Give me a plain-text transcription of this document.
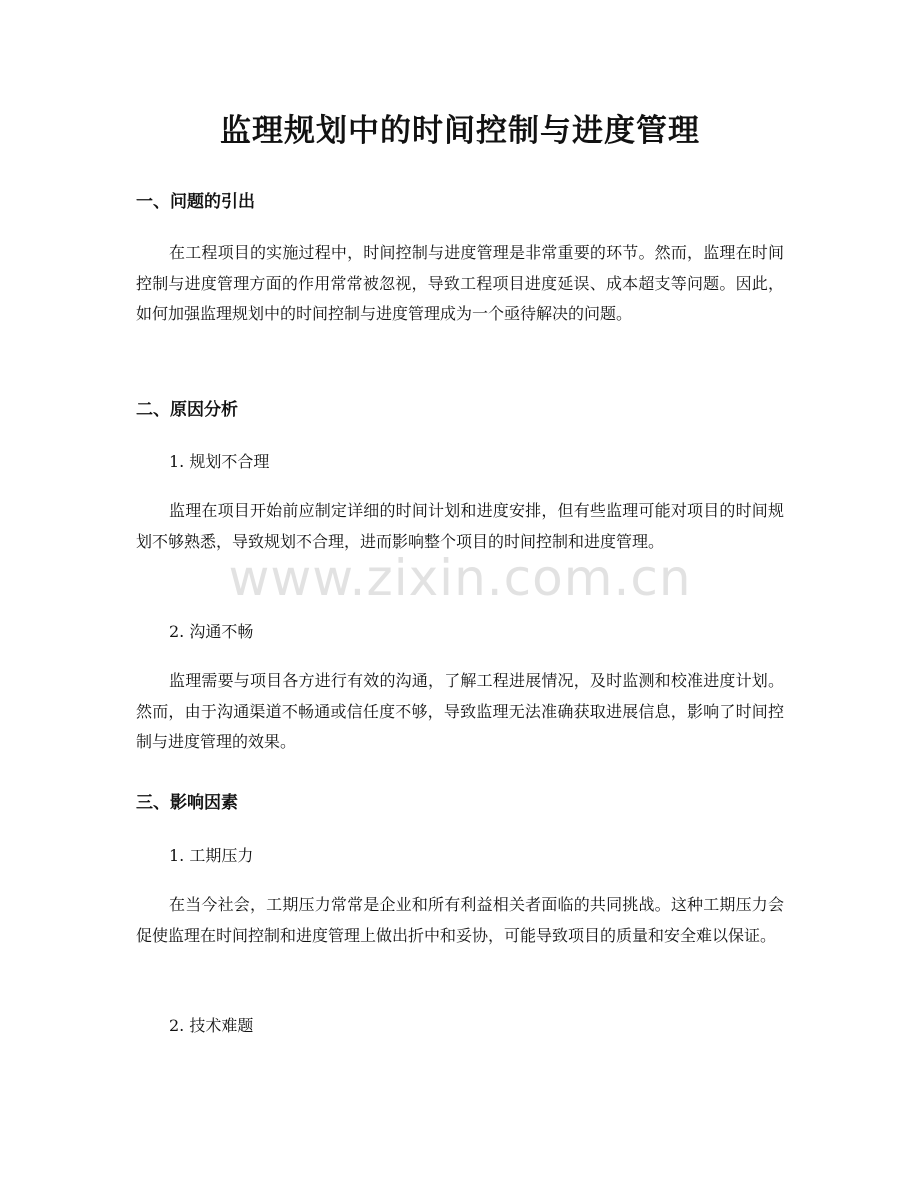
监理规划中的时间控制与进度管理
一、问题的引出
在工程项目的实施过程中，时间控制与进度管理是非常重要的环节。然而，监理在时间控制与进度管理方面的作用常常被忽视，导致工程项目进度延误、成本超支等问题。因此，如何加强监理规划中的时间控制与进度管理成为一个亟待解决的问题。
二、原因分析
1. 规划不合理
监理在项目开始前应制定详细的时间计划和进度安排，但有些监理可能对项目的时间规划不够熟悉，导致规划不合理，进而影响整个项目的时间控制和进度管理。
2. 沟通不畅
监理需要与项目各方进行有效的沟通，了解工程进展情况，及时监测和校准进度计划。然而，由于沟通渠道不畅通或信任度不够，导致监理无法准确获取进展信息，影响了时间控制与进度管理的效果。
三、影响因素
1. 工期压力
在当今社会，工期压力常常是企业和所有利益相关者面临的共同挑战。这种工期压力会促使监理在时间控制和进度管理上做出折中和妥协，可能导致项目的质量和安全难以保证。
2. 技术难题
www.zixin.com.cn
